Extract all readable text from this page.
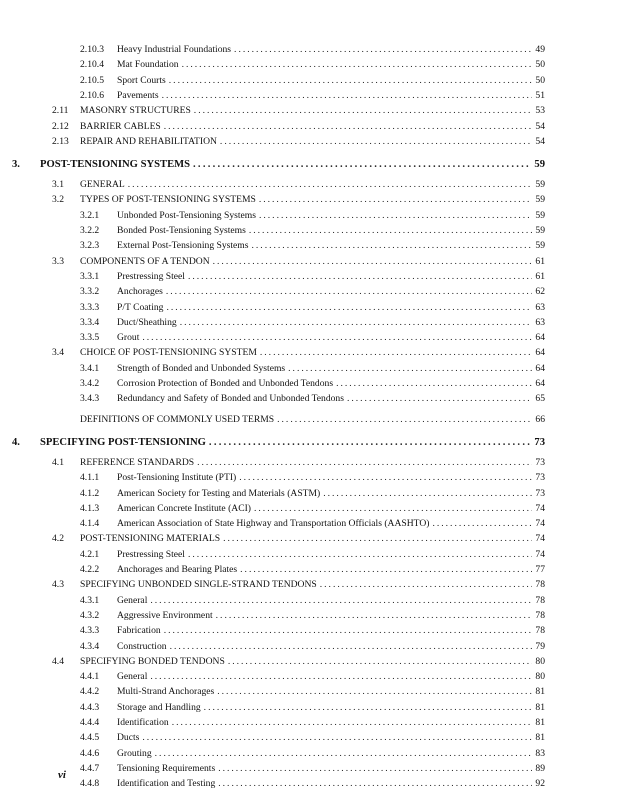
2.10.3	Heavy Industrial Foundations . . .	49
2.10.4	Mat Foundation . . .	50
2.10.5	Sport Courts . . .	50
2.10.6	Pavements . . .	51
2.11	MASONRY STRUCTURES . . .	53
2.12	BARRIER CABLES . . .	54
2.13	REPAIR AND REHABILITATION . . .	54
3.	POST-TENSIONING SYSTEMS . . .	59
3.1	GENERAL . . .	59
3.2	TYPES OF POST-TENSIONING SYSTEMS . . .	59
3.2.1	Unbonded Post-Tensioning Systems . . .	59
3.2.2	Bonded Post-Tensioning Systems . . .	59
3.2.3	External Post-Tensioning Systems . . .	59
3.3	COMPONENTS OF A TENDON . . .	61
3.3.1	Prestressing Steel . . .	61
3.3.2	Anchorages . . .	62
3.3.3	P/T Coating . . .	63
3.3.4	Duct/Sheathing . . .	63
3.3.5	Grout . . .	64
3.4	CHOICE OF POST-TENSIONING SYSTEM . . .	64
3.4.1	Strength of Bonded and Unbonded Systems . . .	64
3.4.2	Corrosion Protection of Bonded and Unbonded Tendons . . .	64
3.4.3	Redundancy and Safety of Bonded and Unbonded Tendons . . .	65
DEFINITIONS OF COMMONLY USED TERMS . . .	66
4.	SPECIFYING POST-TENSIONING . . .	73
4.1	REFERENCE STANDARDS . . .	73
4.1.1	Post-Tensioning Institute (PTI) . . .	73
4.1.2	American Society for Testing and Materials (ASTM) . . .	73
4.1.3	American Concrete Institute (ACI) . . .	74
4.1.4	American Association of State Highway and Transportation Officials (AASHTO) . . .	74
4.2	POST-TENSIONING MATERIALS . . .	74
4.2.1	Prestressing Steel . . .	74
4.2.2	Anchorages and Bearing Plates . . .	77
4.3	SPECIFYING UNBONDED SINGLE-STRAND TENDONS . . .	78
4.3.1	General . . .	78
4.3.2	Aggressive Environment . . .	78
4.3.3	Fabrication . . .	78
4.3.4	Construction . . .	79
4.4	SPECIFYING BONDED TENDONS . . .	80
4.4.1	General . . .	80
4.4.2	Multi-Strand Anchorages . . .	81
4.4.3	Storage and Handling . . .	81
4.4.4	Identification . . .	81
4.4.5	Ducts . . .	81
4.4.6	Grouting . . .	83
4.4.7	Tensioning Requirements . . .	89
4.4.8	Identification and Testing . . .	92
vi
